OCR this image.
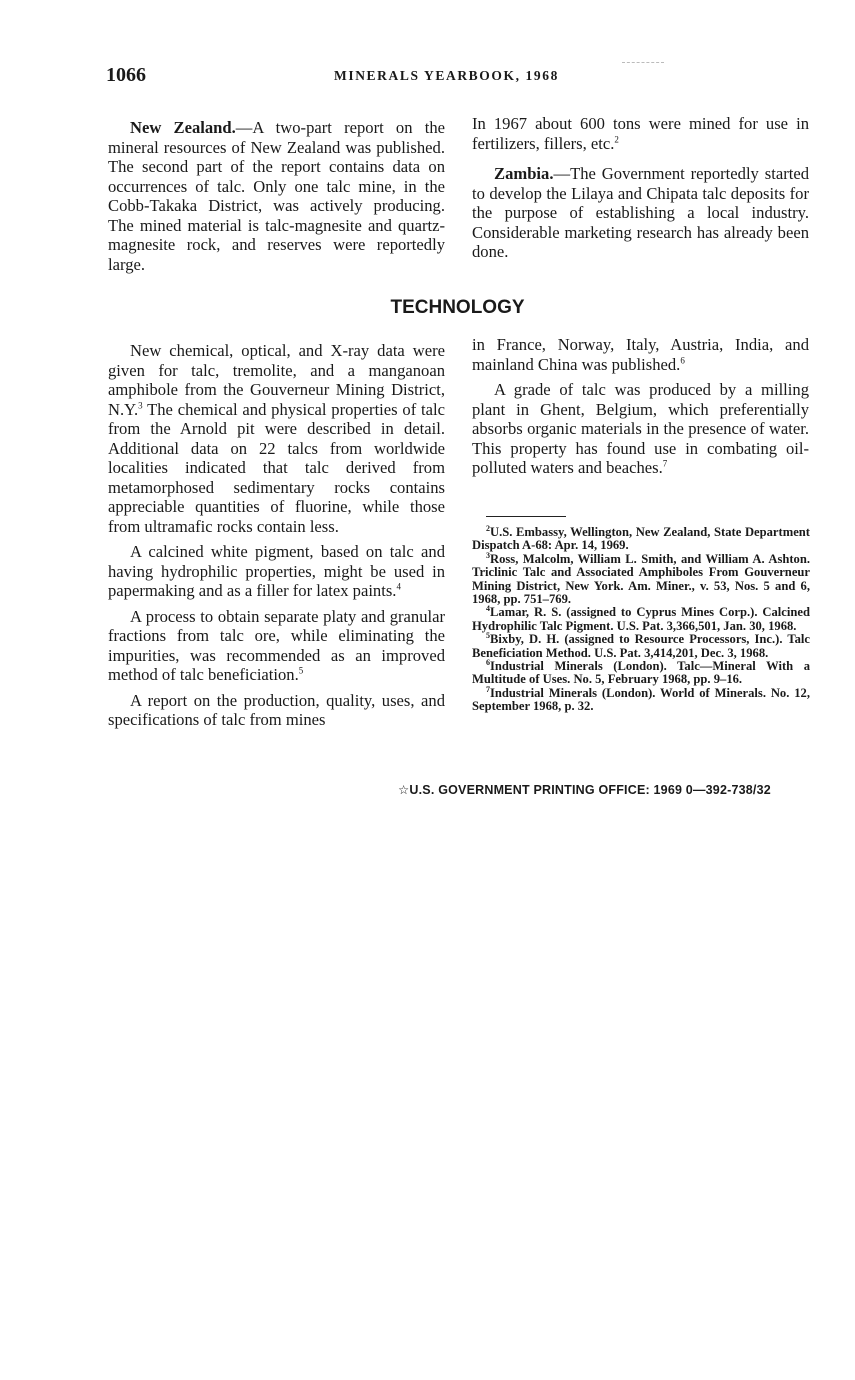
1066	MINERALS YEARBOOK, 1968

New Zealand.—A two-part report on the mineral resources of New Zealand was published. The second part of the report contains data on occurrences of talc. Only one talc mine, in the Cobb-Takaka District, was actively producing. The mined material is talc-magnesite and quartz-magnesite rock, and reserves were reportedly large.

In 1967 about 600 tons were mined for use in fertilizers, fillers, etc.$^2$

Zambia.—The Government reportedly started to develop the Lilaya and Chipata talc deposits for the purpose of establishing a local industry. Considerable marketing research has already been done.

TECHNOLOGY

New chemical, optical, and X-ray data were given for talc, tremolite, and a manganoan amphibole from the Gouverneur Mining District, N.Y.$^3$ The chemical and physical properties of talc from the Arnold pit were described in detail. Additional data on 22 talcs from worldwide localities indicated that talc derived from metamorphosed sedimentary rocks contains appreciable quantities of fluorine, while those from ultramafic rocks contain less.

A calcined white pigment, based on talc and having hydrophilic properties, might be used in papermaking and as a filler for latex paints.$^4$

A process to obtain separate platy and granular fractions from talc ore, while eliminating the impurities, was recommended as an improved method of talc beneficiation.$^5$

A report on the production, quality, uses, and specifications of talc from mines

in France, Norway, Italy, Austria, India, and mainland China was published.$^6$

A grade of talc was produced by a milling plant in Ghent, Belgium, which preferentially absorbs organic materials in the presence of water. This property has found use in combating oil-polluted waters and beaches.$^7$

$^2$U.S. Embassy, Wellington, New Zealand, State Department Dispatch A-68: Apr. 14, 1969.

$^3$Ross, Malcolm, William L. Smith, and William A. Ashton. Triclinic Talc and Associated Amphiboles From Gouverneur Mining District, New York. Am. Miner., v. 53, Nos. 5 and 6, 1968, pp. 751–769.

$^4$Lamar, R. S. (assigned to Cyprus Mines Corp.). Calcined Hydrophilic Talc Pigment. U.S. Pat. 3,366,501, Jan. 30, 1968.

$^5$Bixby, D. H. (assigned to Resource Processors, Inc.). Talc Beneficiation Method. U.S. Pat. 3,414,201, Dec. 3, 1968.

$^6$Industrial Minerals (London). Talc—Mineral With a Multitude of Uses. No. 5, February 1968, pp. 9–16.

$^7$Industrial Minerals (London). World of Minerals. No. 12, September 1968, p. 32.

☆U.S. GOVERNMENT PRINTING OFFICE: 1969 0—392-738/32
